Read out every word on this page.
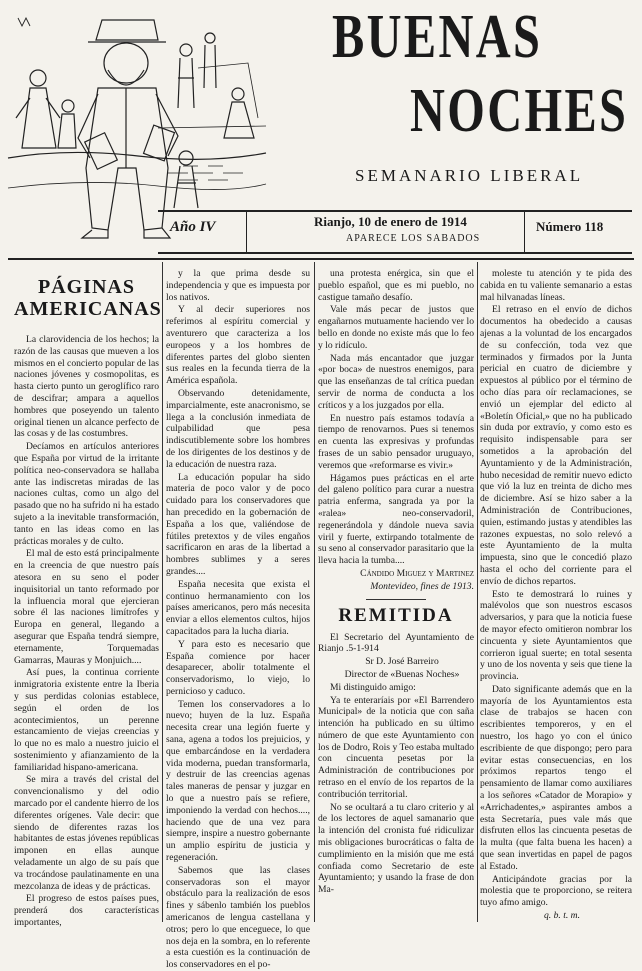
BUENAS
NOCHES
SEMANARIO LIBERAL
Año IV	Rianjo, 10 de enero de 1914
APARECE LOS SABADOS
Número 118
PÁGINAS
AMERICANAS

La clarovidencia de los hechos; la razón de las causas que mueven a los mismos en el concierto popular de las naciones jóvenes y cosmopolitas, es hasta cierto punto un geroglífico raro de descifrar; ampara a aquellos hombres que poseyendo un talento original tienen un alcance perfecto de las cosas y de las costumbres.

Decíamos en artículos anteriores que España por virtud de la irritante política neo-conservadora se hallaba ante las indiscretas miradas de las naciones cultas, como un algo del pasado que no ha sufrido ni ha estado sujeto a la inevitable transformación, tanto en las ideas como en las prácticas morales y de culto.

El mal de esto está principalmente en la creencia de que nuestro país atesora en su seno el poder inquisitorial un tanto reformado por la influencia moral que ejercieran sobre él las naciones limítrofes y Europa en general, llegando a asegurar que España tendrá siempre, eternamente, Torquemadas Gamarras, Mauras y Monjuich....

Así pues, la continua corriente inmigratoria existente entre la Iberia y sus perdidas colonias establece, según el orden de los acontecimientos, un perenne estancamiento de viejas creencias y lo que no es malo a nuestro juicio el sostenimiento y afianzamiento de la familiaridad hispano-americana.

Se mira a través del cristal del convencionalismo y del odio marcado por el candente hierro de los diferentes orígenes. Vale decir: que siendo de diferentes razas los habitantes de estas jóvenes repúblicas imponen en ellas aunque veladamente un algo de su país que va trocándose paulatinamente en una mezcolanza de ideas y de prácticas.

El progreso de estos países pues, prenderá dos características importantes,

y la que prima desde su independencia y que es impuesta por los nativos.

Y al decir superiores nos referimos al espíritu comercial y aventurero que caracteriza a los europeos y a los hombres de diferentes partes del globo sienten sus reales en la fecunda tierra de la América española.

Observando detenidamente, imparcialmente, este anacronismo, se llega a la conclusión inmediata de culpabilidad que pesa indiscutiblemente sobre los hombres de los dirigentes de los destinos y de la educación de nuestra raza.

La educación popular ha sido materia de poco valor y de poco cuidado para los conservadores que han precedido en la gobernación de España a los que, valiéndose de fútiles pretextos y de viles engaños sacrificaron en aras de la libertad a hombres sublimes y a seres grandes....

España necesita que exista el continuo hermanamiento con los países americanos, pero más necesita enviar a ellos elementos cultos, hijos capacitados para la lucha diaria.

Y para esto es necesario que España comience por hacer desaparecer, abolir totalmente el conservadorismo, lo viejo, lo pernicioso y caduco.

Temen los conservadores a lo nuevo; huyen de la luz. España necesita crear una legión fuerte y sana, agena a todos los prejuicios, y que embarcándose en la verdadera vida moderna, puedan transformarla, y destruir de las creencias agenas tales maneras de pensar y juzgar en lo que a nuestro país se refiere, imponiendo la verdad con hechos...., haciendo que de una vez para siempre, inspire a nuestro gobernante un amplio espíritu de justicia y regeneración.

Sabemos que las clases conservadoras son el mayor obstáculo para la realización de esos fines y sábenlo también los pueblos americanos de lengua castellana y otros; pero lo que enceguece, lo que nos deja en la sombra, en lo referente a esta cuestión es la continuación de los conservadores en el po-

una protesta enérgica, sin que el pueblo español, que es mi pueblo, no castigue tamaño desafío.

Vale más pecar de justos que engañarnos mutuamente haciendo ver lo bello en donde no existe más que lo feo y lo ridículo.

Nada más encantador que juzgar «por boca» de nuestros enemigos, para que las enseñanzas de tal crítica puedan servir de norma de conducta a los críticos y a los juzgados por ella.

En nuestro país estamos todavía a tiempo de renovarnos. Pues si tenemos en cuenta las expresivas y profundas frases de un sabio pensador uruguayo, veremos que «reformarse es vivir.»

Hágamos pues prácticas en el arte del galeno político para curar a nuestra patria enferma, sangrada ya por la «ralea» neo-conservadoril, regenerándola y dándole nueva savia viril y fuerte, extirpando totalmente de su seno al conservador parasitario que la lleva hacia la tumba....

Cándido Miguez y Martinez

Montevideo, fines de 1913.

REMITIDA

El Secretario del Ayuntamiento de Rianjo .5-1-914

Sr D. José Barreiro

Director de «Buenas Noches»

Mi distinguido amigo:

Ya te enteraríais por «El Barrendero Municipal» de la noticia que con saña intención ha publicado en su último número de que este Ayuntamiento con los de Dodro, Rois y Teo estaba multado con cincuenta pesetas por la Administración de contribuciones por retraso en el envío de los repartos de la contribución territorial.

No se ocultará a tu claro criterio y al de los lectores de aquel samanario que la intención del cronista fué ridiculizar mis obligaciones burocráticas o falta de cumplimiento en la misión que me está confiada como Secretario de este Ayuntamiento; y usando la frase de don Ma-

moleste tu atención y te pida des cabida en tu valiente semanario a estas mal hilvanadas líneas.

El retraso en el envío de dichos documentos ha obedecido a causas ajenas a la voluntad de los encargados de su confección, toda vez que terminados y firmados por la Junta pericial en cuatro de diciembre y expuestos al público por el término de ocho días para oír reclamaciones, se envió un ejemplar del edicto al «Boletín Oficial,» que no ha publicado sin duda por extravío, y como esto es requisito indispensable para ser sometidos a la aprobación del Ayuntamiento y de la Administración, hubo necesidad de remitir nuevo edicto que vió la luz en treinta de dicho mes de diciembre. Así se hizo saber a la Administración de Contribuciones, quien, estimando justas y atendibles las razones expuestas, no solo relevó a este Ayuntamiento de la multa impuesta, sino que le concedió plazo hasta el ocho del corriente para el envío de dichos repartos.

Esto te demostrará lo ruines y malévolos que son nuestros escasos adversarios, y para que la noticia fuese de mayor efecto omitieron nombrar los cincuenta y siete Ayuntamientos que corrieron igual suerte; en total sesenta y uno de los noventa y seis que tiene la provincia.

Dato significante además que en la mayoría de los Ayuntamientos esta clase de trabajos se hacen con escribientes temporeros, y en el nuestro, los hago yo con el único escribiente de que dispongo; pero para evitar estas consecuencias, en los próximos repartos tengo el pensamiento de llamar como auxiliares a los señores «Catador de Morapio» y «Arrichadentes,» aspirantes ambos a esta Secretaría, pues vale más que disfruten ellos las cincuenta pesetas de la multa (que falta buena les hacen) a que sean invertidas en papel de pagos al Estado.

Anticipándote gracias por la molestia que te proporciono, se reitera tuyo afmo amigo.

q. b. t. m.
